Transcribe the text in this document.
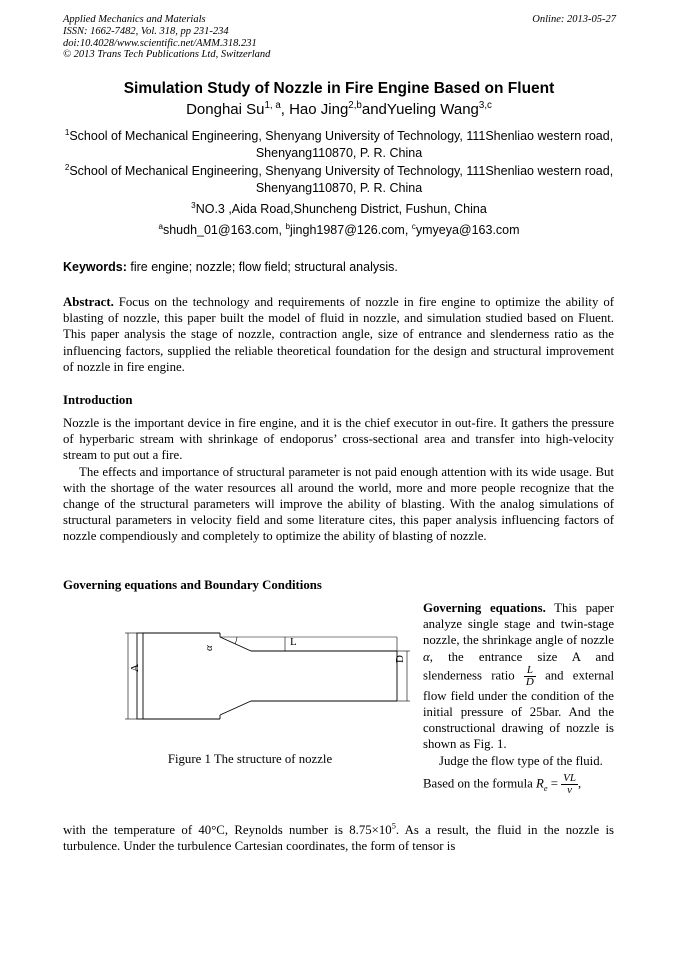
Applied Mechanics and Materials
ISSN: 1662-7482, Vol. 318, pp 231-234
doi:10.4028/www.scientific.net/AMM.318.231
© 2013 Trans Tech Publications Ltd, Switzerland
Online: 2013-05-27
Simulation Study of Nozzle in Fire Engine Based on Fluent
Donghai Su$^{1, a}$, Hao Jing$^{2,b}$andYueling Wang$^{3,c}$
$^1$School of Mechanical Engineering, Shenyang University of Technology, 111Shenliao western road, Shenyang110870, P. R. China
$^2$School of Mechanical Engineering, Shenyang University of Technology, 111Shenliao western road, Shenyang110870, P. R. China
$^3$NO.3 ,Aida Road,Shuncheng District, Fushun, China
$^a$shudh_01@163.com, $^b$jingh1987@126.com, $^c$ymyeya@163.com
Keywords: fire engine; nozzle; flow field; structural analysis.

Abstract. Focus on the technology and requirements of nozzle in fire engine to optimize the ability of blasting of nozzle, this paper built the model of fluid in nozzle, and simulation studied based on Fluent. This paper analysis the stage of nozzle, contraction angle, size of entrance and slenderness ratio as the influencing factors, supplied the reliable theoretical foundation for the design and structural improvement of nozzle in fire engine.

Introduction

Nozzle is the important device in fire engine, and it is the chief executor in out-fire. It gathers the pressure of hyperbaric stream with shrinkage of endoporus’ cross-sectional area and transfer into high-velocity stream to put out a fire.

The effects and importance of structural parameter is not paid enough attention with its wide usage. But with the shortage of the water resources all around the world, more and more people recognize that the change of the structural parameters will improve the ability of blasting. With the analog simulations of structural parameters in velocity field and some literature cites, this paper analysis influencing factors of nozzle compendiously and completely to optimize the ability of blasting of nozzle.

Governing equations and Boundary Conditions
α
L
D
A
Figure 1 The structure of nozzle

Governing equations. This paper analyze single stage and twin-stage nozzle, the shrinkage angle of nozzle α, the entrance size A and slenderness ratio $\frac{L}{D}$ and external flow field under the condition of the initial pressure of 25bar. And the constructional drawing of nozzle is shown as Fig. 1.

Judge the flow type of the fluid.

Based on the formula $R_e = \frac{VL}{\nu}$ ,

with the temperature of 40°C, Reynolds number is $8.75\times 10^5$. As a result, the fluid in the nozzle is turbulence. Under the turbulence Cartesian coordinates, the form of tensor is
